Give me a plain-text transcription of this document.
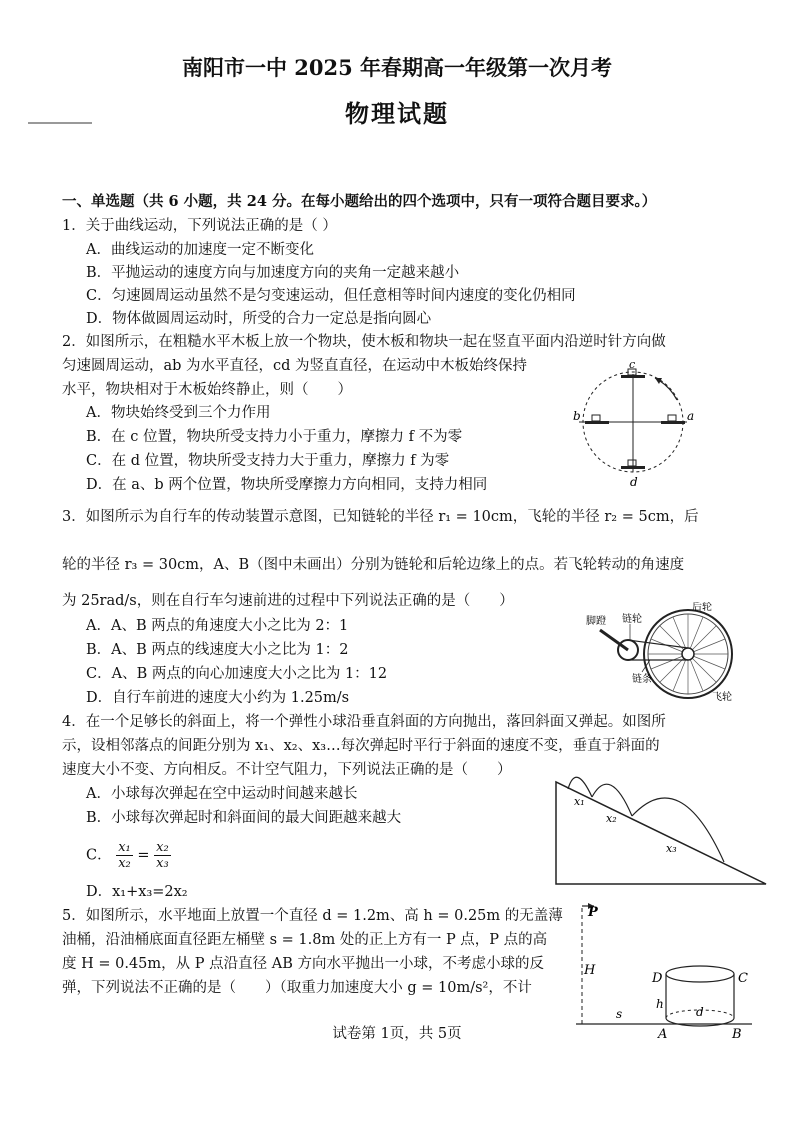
南阳市一中 2025 年春期高一年级第一次月考
物理试题
一、单选题（共 6 小题，共 24 分。在每小题给出的四个选项中，只有一项符合题目要求。）
1．关于曲线运动，下列说法正确的是（ ）
A．曲线运动的加速度一定不断变化
B．平抛运动的速度方向与加速度方向的夹角一定越来越小
C．匀速圆周运动虽然不是匀变速运动，但任意相等时间内速度的变化仍相同
D．物体做圆周运动时，所受的合力一定总是指向圆心
2．如图所示，在粗糙水平木板上放一个物块，使木板和物块一起在竖直平面内沿逆时针方向做
匀速圆周运动，ab 为水平直径，cd 为竖直直径，在运动中木板始终保持
水平，物块相对于木板始终静止，则（　　）
A．物块始终受到三个力作用
B．在 c 位置，物块所受支持力小于重力，摩擦力 f 不为零
C．在 d 位置，物块所受支持力大于重力，摩擦力 f 为零
D．在 a、b 两个位置，物块所受摩擦力方向相同，支持力相同
c
d
b	a
3．如图所示为自行车的传动装置示意图，已知链轮的半径 r₁ = 10cm，飞轮的半径 r₂ = 5cm，后
轮的半径 r₃ = 30cm，A、B（图中未画出）分别为链轮和后轮边缘上的点。若飞轮转动的角速度
为 25rad/s，则在自行车匀速前进的过程中下列说法正确的是（　　）
A．A、B 两点的角速度大小之比为 2：1
B．A、B 两点的线速度大小之比为 1：2
C．A、B 两点的向心加速度大小之比为 1：12
D．自行车前进的速度大小约为 1.25m/s
脚蹬 链轮
后轮
链条
飞轮
4．在一个足够长的斜面上，将一个弹性小球沿垂直斜面的方向抛出，落回斜面又弹起。如图所
示，设相邻落点的间距分别为 x₁、x₂、x₃…每次弹起时平行于斜面的速度不变，垂直于斜面的
速度大小不变、方向相反。不计空气阻力，下列说法正确的是（　　）
A．小球每次弹起在空中运动时间越来越长
B．小球每次弹起时和斜面间的最大间距越来越大
C． $\frac{\text{x₁}}{\text{x₂}} = \frac{\text{x₂}}{\text{x₃}}$
D．x₁+x₃=2x₂
x₁
x₂
x₃
5．如图所示，水平地面上放置一个直径 d = 1.2m、高 h = 0.25m 的无盖薄
油桶，沿油桶底面直径距左桶壁 s = 1.8m 处的正上方有一 P 点，P 点的高
度 H = 0.45m，从 P 点沿直径 AB 方向水平抛出一小球，不考虑小球的反
弹，下列说法不正确的是（　　）（取重力加速度大小 g = 10m/s²，不计
P
H
s
D	C
h
d
A	B
试卷第 1页，共 5页
